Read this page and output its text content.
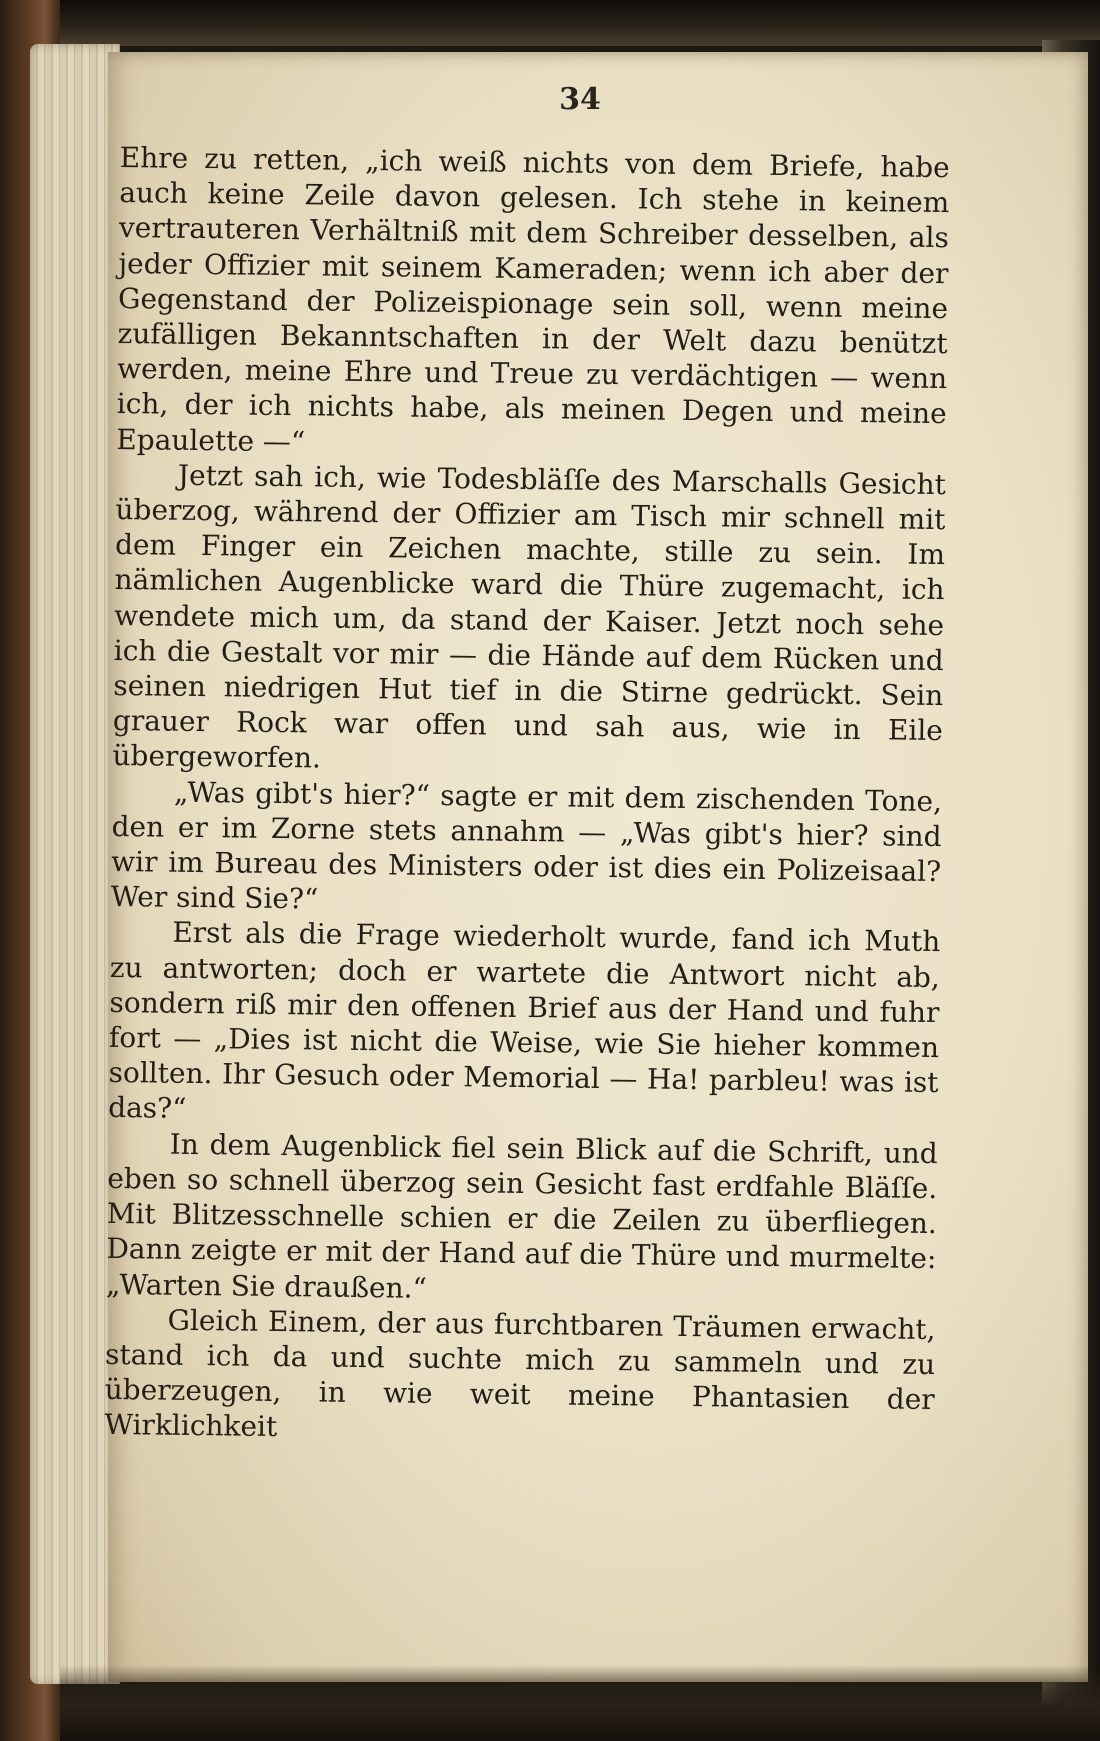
34

Ehre zu retten, „ich weiß nichts von dem Briefe, habe auch keine Zeile davon gelesen. Ich stehe in keinem vertrauteren Verhältniß mit dem Schreiber desselben, als jeder Offizier mit seinem Kameraden; wenn ich aber der Gegenstand der Polizeispionage sein soll, wenn meine zufälligen Bekanntschaften in der Welt dazu benützt werden, meine Ehre und Treue zu verdächtigen — wenn ich, der ich nichts habe, als meinen Degen und meine Epaulette —“

Jetzt sah ich, wie Todesbläſſe des Marschalls Gesicht überzog, während der Offizier am Tisch mir schnell mit dem Finger ein Zeichen machte, stille zu sein. Im nämlichen Augenblicke ward die Thüre zugemacht, ich wendete mich um, da stand der Kaiser. Jetzt noch sehe ich die Gestalt vor mir — die Hände auf dem Rücken und seinen niedrigen Hut tief in die Stirne gedrückt. Sein grauer Rock war offen und sah aus, wie in Eile übergeworfen.

„Was gibt's hier?“ sagte er mit dem zischenden Tone, den er im Zorne stets annahm — „Was gibt's hier? sind wir im Bureau des Ministers oder ist dies ein Polizeisaal? Wer sind Sie?“

Erst als die Frage wiederholt wurde, fand ich Muth zu antworten; doch er wartete die Antwort nicht ab, sondern riß mir den offenen Brief aus der Hand und fuhr fort — „Dies ist nicht die Weise, wie Sie hieher kommen sollten. Ihr Gesuch oder Memorial — Ha! parbleu! was ist das?“

In dem Augenblick fiel sein Blick auf die Schrift, und eben so schnell überzog sein Gesicht fast erdfahle Bläſſe. Mit Blitzesschnelle schien er die Zeilen zu überfliegen. Dann zeigte er mit der Hand auf die Thüre und murmelte: „Warten Sie draußen.“

Gleich Einem, der aus furchtbaren Träumen erwacht, stand ich da und suchte mich zu sammeln und zu überzeugen, in wie weit meine Phantasien der Wirklichkeit
